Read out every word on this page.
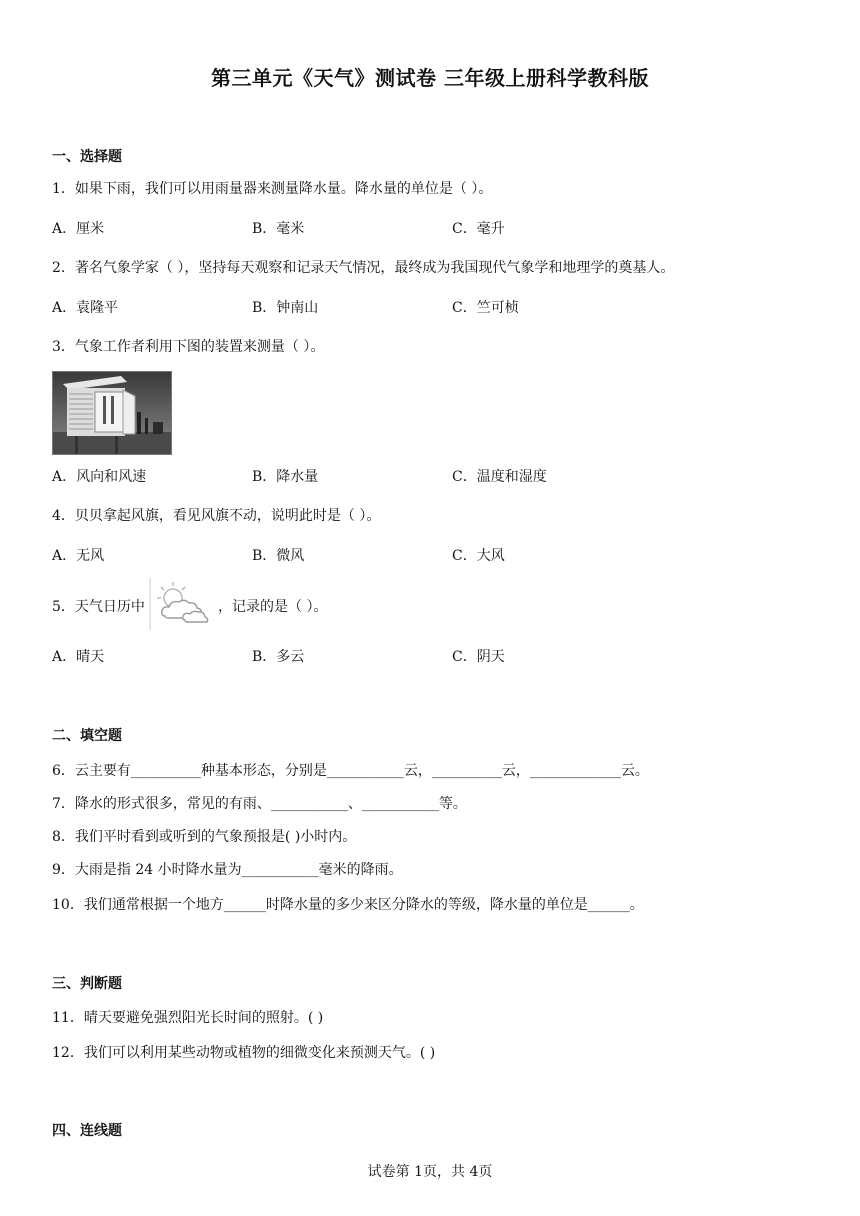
第三单元《天气》测试卷 三年级上册科学教科版
一、选择题
1．如果下雨，我们可以用雨量器来测量降水量。降水量的单位是（ ）。
A．厘米	B．毫米	C．毫升
2．著名气象学家（ ），坚持每天观察和记录天气情况，最终成为我国现代气象学和地理学的奠基人。
A．袁隆平	B．钟南山	C．竺可桢
3．气象工作者利用下图的装置来测量（ ）。
A．风向和风速	B．降水量	C．温度和湿度
4．贝贝拿起风旗，看见风旗不动，说明此时是（ ）。
A．无风	B．微风	C．大风
5．天气日历中	，记录的是（ ）。
A．晴天	B．多云	C．阴天
二、填空题
6．云主要有__________种基本形态，分别是___________云，__________云，_____________云。
7．降水的形式很多，常见的有雨、___________、___________等。
8．我们平时看到或听到的气象预报是( )小时内。
9．大雨是指 24 小时降水量为___________毫米的降雨。
10．我们通常根据一个地方______时降水量的多少来区分降水的等级，降水量的单位是______。
三、判断题
11．晴天要避免强烈阳光长时间的照射。( )
12．我们可以利用某些动物或植物的细微变化来预测天气。( )
四、连线题
试卷第 1页，共 4页
